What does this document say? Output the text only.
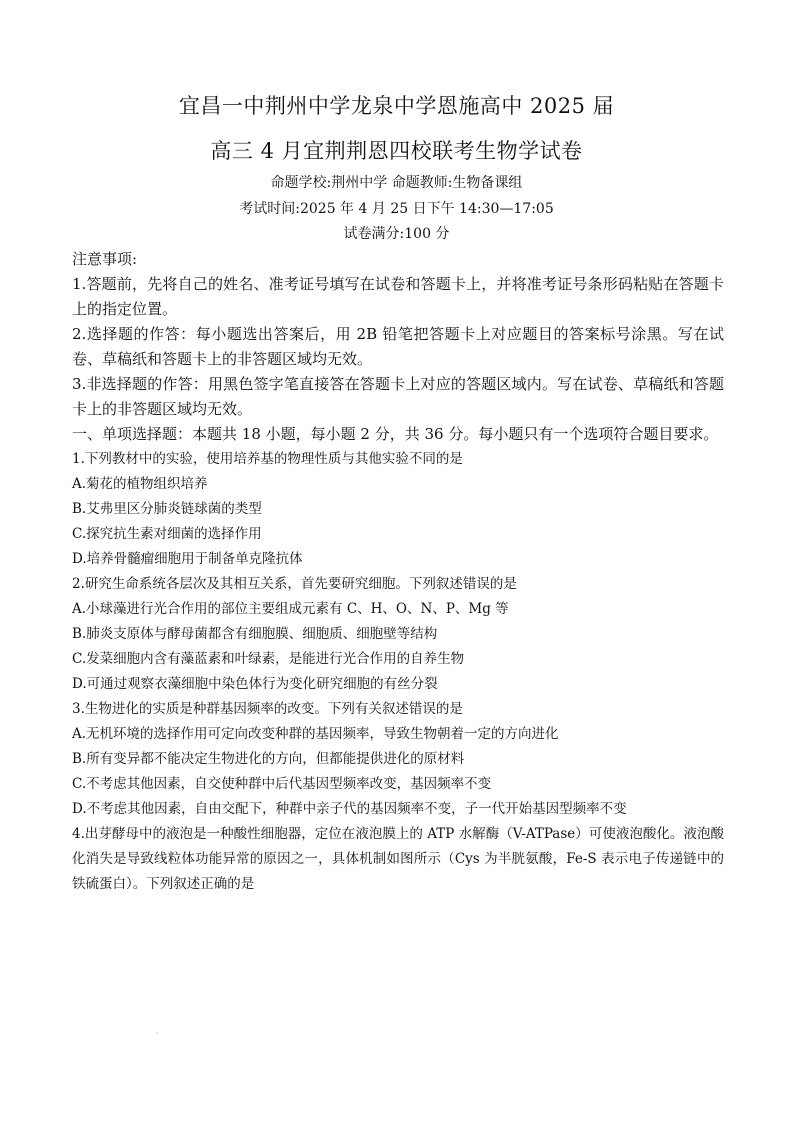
宜昌一中荆州中学龙泉中学恩施高中 2025 届
高三 4 月宜荆荆恩四校联考生物学试卷
命题学校:荆州中学 命题教师:生物备课组
考试时间:2025 年 4 月 25 日下午 14:30—17:05
试卷满分:100 分

注意事项:

1.答题前，先将自己的姓名、准考证号填写在试卷和答题卡上，并将准考证号条形码粘贴在答题卡上的指定位置。

2.选择题的作答：每小题选出答案后，用 2B 铅笔把答题卡上对应题目的答案标号涂黑。写在试卷、草稿纸和答题卡上的非答题区域均无效。

3.非选择题的作答：用黑色签字笔直接答在答题卡上对应的答题区域内。写在试卷、草稿纸和答题卡上的非答题区域均无效。

一、单项选择题：本题共 18 小题，每小题 2 分，共 36 分。每小题只有一个选项符合题目要求。

1.下列教材中的实验，使用培养基的物理性质与其他实验不同的是

A.菊花的植物组织培养

B.艾弗里区分肺炎链球菌的类型

C.探究抗生素对细菌的选择作用

D.培养骨髓瘤细胞用于制备单克隆抗体

2.研究生命系统各层次及其相互关系，首先要研究细胞。下列叙述错误的是

A.小球藻进行光合作用的部位主要组成元素有 C、H、O、N、P、Mg 等

B.肺炎支原体与酵母菌都含有细胞膜、细胞质、细胞壁等结构

C.发菜细胞内含有藻蓝素和叶绿素，是能进行光合作用的自养生物

D.可通过观察衣藻细胞中染色体行为变化研究细胞的有丝分裂

3.生物进化的实质是种群基因频率的改变。下列有关叙述错误的是

A.无机环境的选择作用可定向改变种群的基因频率，导致生物朝着一定的方向进化

B.所有变异都不能决定生物进化的方向，但都能提供进化的原材料

C.不考虑其他因素，自交使种群中后代基因型频率改变，基因频率不变

D.不考虑其他因素，自由交配下，种群中亲子代的基因频率不变，子一代开始基因型频率不变

4.出芽酵母中的液泡是一种酸性细胞器，定位在液泡膜上的 ATP 水解酶（V-ATPase）可使液泡酸化。液泡酸化消失是导致线粒体功能异常的原因之一，具体机制如图所示（Cys 为半胱氨酸，Fe-S 表示电子传递链中的铁硫蛋白）。下列叙述正确的是

·
